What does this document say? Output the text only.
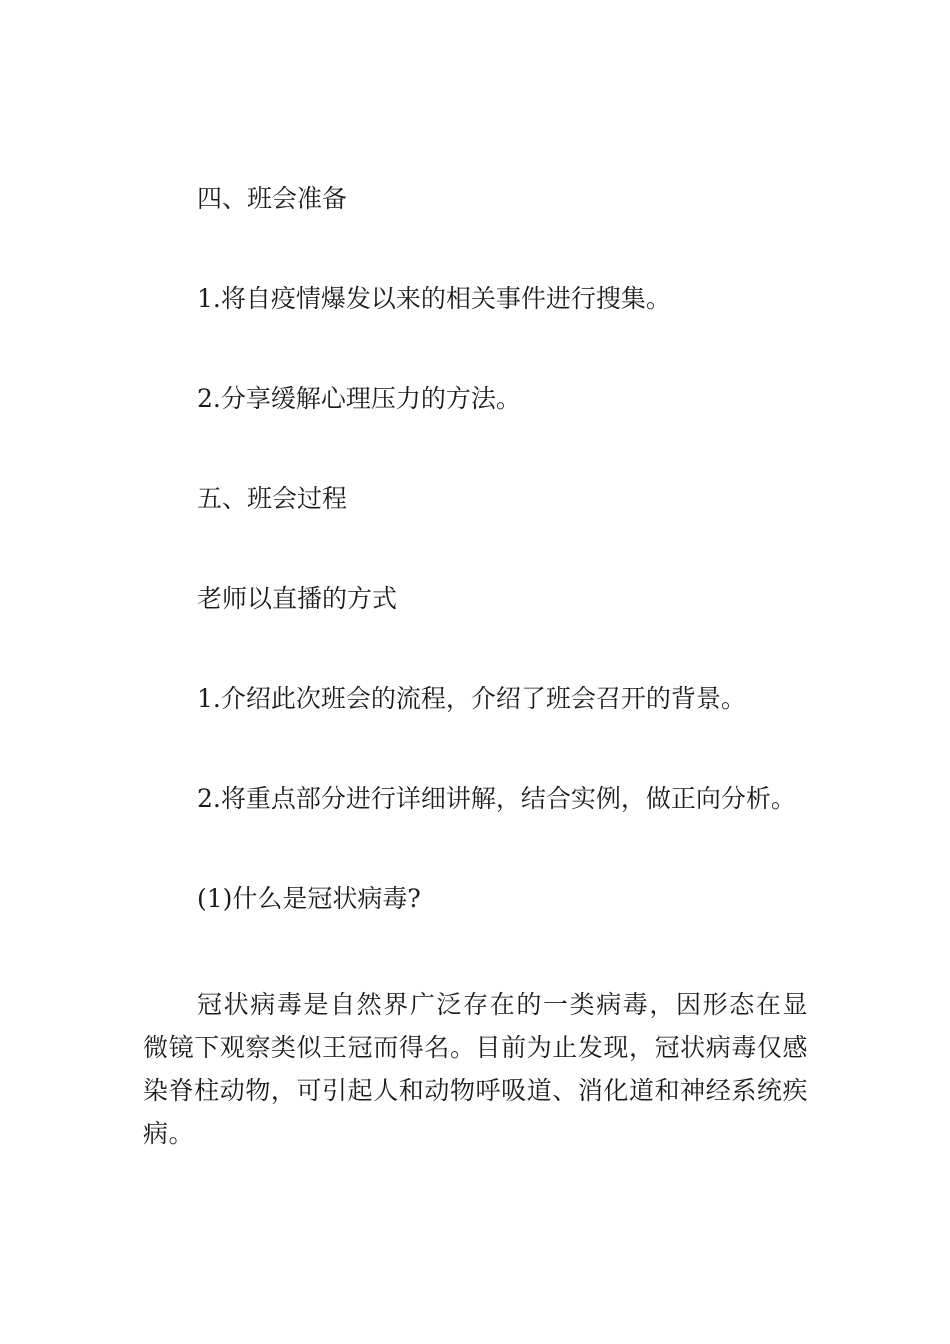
四、班会准备
1.将自疫情爆发以来的相关事件进行搜集。
2.分享缓解心理压力的方法。
五、班会过程
老师以直播的方式
1.介绍此次班会的流程，介绍了班会召开的背景。
2.将重点部分进行详细讲解，结合实例，做正向分析。
(1)什么是冠状病毒?
冠状病毒是自然界广泛存在的一类病毒，因形态在显微镜下观察类似王冠而得名。目前为止发现，冠状病毒仅感染脊柱动物，可引起人和动物呼吸道、消化道和神经系统疾病。
